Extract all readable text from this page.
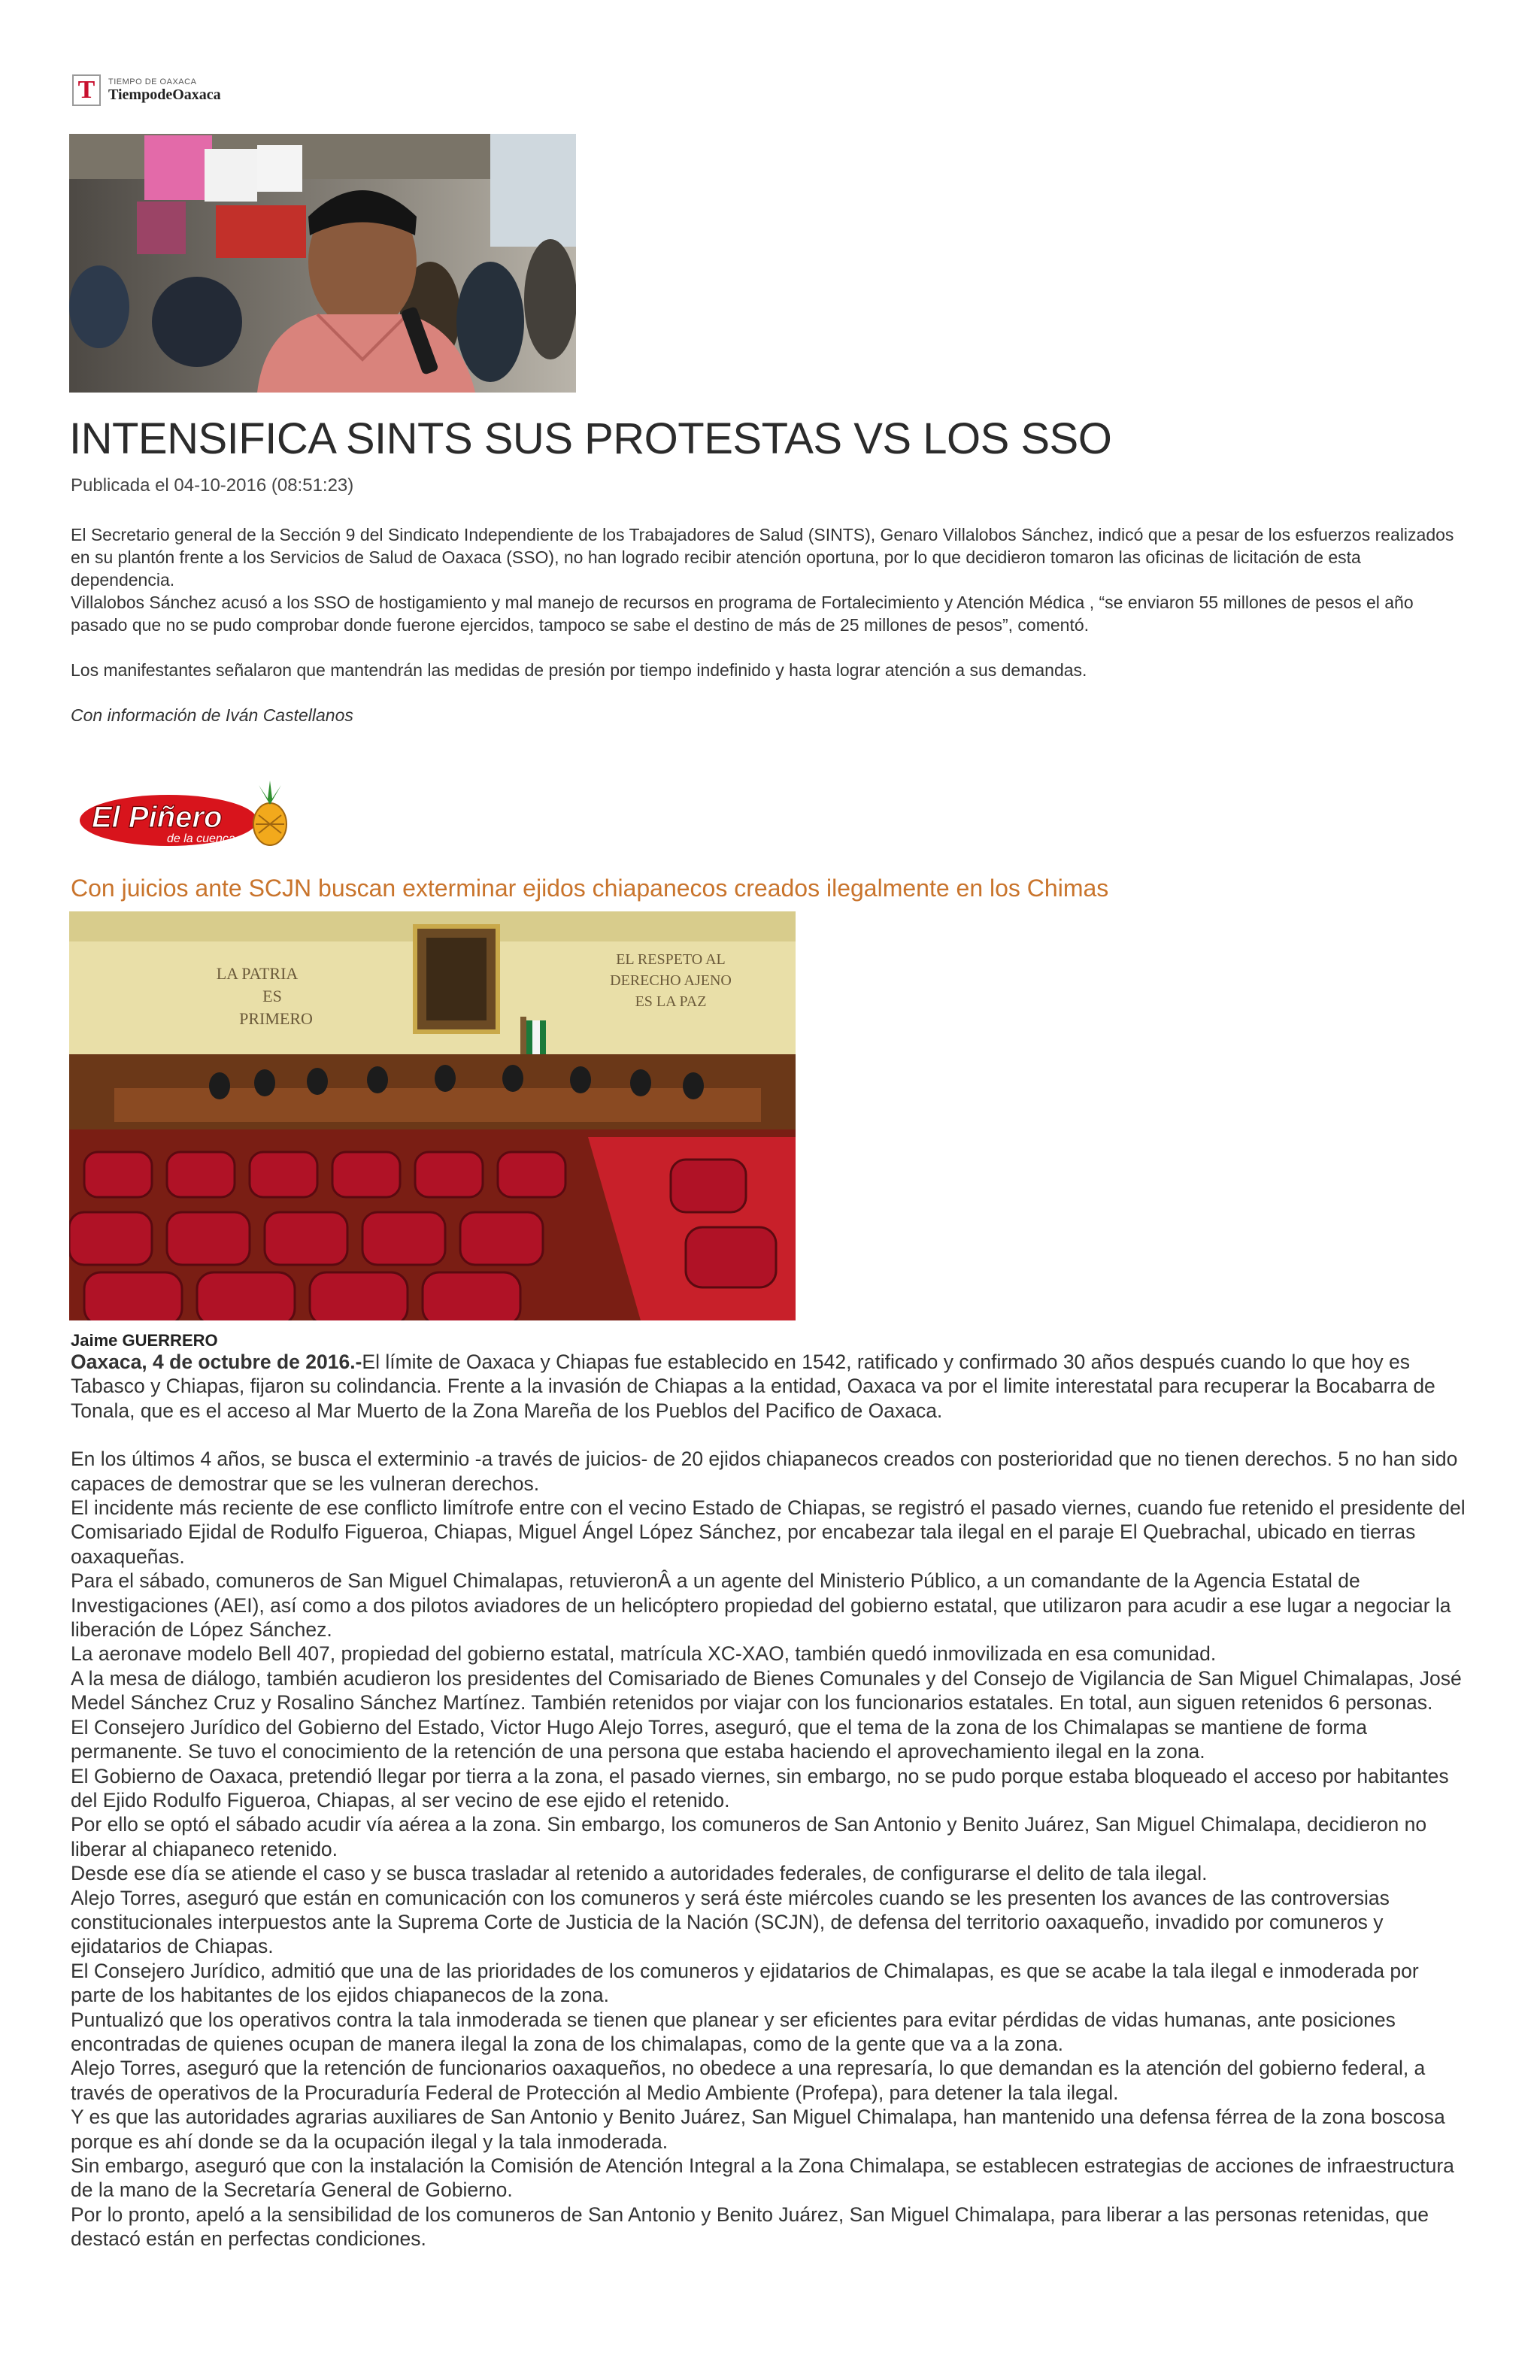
T TIEMPO DE OAXACA
TiempodeOaxaca
INTENSIFICA SINTS SUS PROTESTAS VS LOS SSO
Publicada el 04-10-2016 (08:51:23)

El Secretario general de la Sección 9 del Sindicato Independiente de los Trabajadores de Salud (SINTS), Genaro Villalobos Sánchez, indicó que a pesar de los esfuerzos realizados en su plantón frente a los Servicios de Salud de Oaxaca (SSO), no han logrado recibir atención oportuna, por lo que decidieron tomaron las oficinas de licitación de esta dependencia.

Villalobos Sánchez acusó a los SSO de hostigamiento y mal manejo de recursos en programa de Fortalecimiento y Atención Médica , “se enviaron 55 millones de pesos el año pasado que no se pudo comprobar donde fuerone ejercidos, tampoco se sabe el destino de más de 25 millones de pesos”, comentó.

Los manifestantes señalaron que mantendrán las medidas de presión por tiempo indefinido y hasta lograr atención a sus demandas.

Con información de Iván Castellanos

El Piñero
de la cuenca
Con juicios ante SCJN buscan exterminar ejidos chiapanecos creados ilegalmente en los Chimas
LA PATRIA
ES
PRIMERO
EL RESPETO AL
DERECHO AJENO
ES LA PAZ
Jaime GUERRERO

Oaxaca, 4 de octubre de 2016.-El límite de Oaxaca y Chiapas fue establecido en 1542, ratificado y confirmado 30 años después cuando lo que hoy es Tabasco y Chiapas, fijaron su colindancia. Frente a la invasión de Chiapas a la entidad, Oaxaca va por el limite interestatal para recuperar la Bocabarra de Tonala, que es el acceso al Mar Muerto de la Zona Mareña de los Pueblos del Pacifico de Oaxaca.

En los últimos 4 años, se busca el exterminio -a través de juicios- de 20 ejidos chiapanecos creados con posterioridad que no tienen derechos. 5 no han sido capaces de demostrar que se les vulneran derechos.

El incidente más reciente de ese conflicto limítrofe entre con el vecino Estado de Chiapas, se registró el pasado viernes, cuando fue retenido el presidente del Comisariado Ejidal de Rodulfo Figueroa, Chiapas, Miguel Ángel López Sánchez, por encabezar tala ilegal en el paraje El Quebrachal, ubicado en tierras oaxaqueñas.

Para el sábado, comuneros de San Miguel Chimalapas, retuvieronÂ a un agente del Ministerio Público, a un comandante de la Agencia Estatal de Investigaciones (AEI), así como a dos pilotos aviadores de un helicóptero propiedad del gobierno estatal, que utilizaron para acudir a ese lugar a negociar la liberación de López Sánchez.

La aeronave modelo Bell 407, propiedad del gobierno estatal, matrícula XC-XAO, también quedó inmovilizada en esa comunidad.

A la mesa de diálogo, también acudieron los presidentes del Comisariado de Bienes Comunales y del Consejo de Vigilancia de San Miguel Chimalapas, José Medel Sánchez Cruz y Rosalino Sánchez Martínez. También retenidos por viajar con los funcionarios estatales. En total, aun siguen retenidos 6 personas.

El Consejero Jurídico del Gobierno del Estado, Victor Hugo Alejo Torres, aseguró, que el tema de la zona de los Chimalapas se mantiene de forma permanente. Se tuvo el conocimiento de la retención de una persona que estaba haciendo el aprovechamiento ilegal en la zona.

El Gobierno de Oaxaca, pretendió llegar por tierra a la zona, el pasado viernes, sin embargo, no se pudo porque estaba bloqueado el acceso por habitantes del Ejido Rodulfo Figueroa, Chiapas, al ser vecino de ese ejido el retenido.

Por ello se optó el sábado acudir vía aérea a la zona. Sin embargo, los comuneros de San Antonio y Benito Juárez, San Miguel Chimalapa, decidieron no liberar al chiapaneco retenido.

Desde ese día se atiende el caso y se busca trasladar al retenido a autoridades federales, de configurarse el delito de tala ilegal.

Alejo Torres, aseguró que están en comunicación con los comuneros y será éste miércoles cuando se les presenten los avances de las controversias constitucionales interpuestos ante la Suprema Corte de Justicia de la Nación (SCJN), de defensa del territorio oaxaqueño, invadido por comuneros y ejidatarios de Chiapas.

El Consejero Jurídico, admitió que una de las prioridades de los comuneros y ejidatarios de Chimalapas, es que se acabe la tala ilegal e inmoderada por parte de los habitantes de los ejidos chiapanecos de la zona.

Puntualizó que los operativos contra la tala inmoderada se tienen que planear y ser eficientes para evitar pérdidas de vidas humanas, ante posiciones encontradas de quienes ocupan de manera ilegal la zona de los chimalapas, como de la gente que va a la zona.

Alejo Torres, aseguró que la retención de funcionarios oaxaqueños, no obedece a una represaría, lo que demandan es la atención del gobierno federal, a través de operativos de la Procuraduría Federal de Protección al Medio Ambiente (Profepa), para detener la tala ilegal.

Y es que las autoridades agrarias auxiliares de San Antonio y Benito Juárez, San Miguel Chimalapa, han mantenido una defensa férrea de la zona boscosa porque es ahí donde se da la ocupación ilegal y la tala inmoderada.

Sin embargo, aseguró que con la instalación la Comisión de Atención Integral a la Zona Chimalapa, se establecen estrategias de acciones de infraestructura de la mano de la Secretaría General de Gobierno.

Por lo pronto, apeló a la sensibilidad de los comuneros de San Antonio y Benito Juárez, San Miguel Chimalapa, para liberar a las personas retenidas, que destacó están en perfectas condiciones.
